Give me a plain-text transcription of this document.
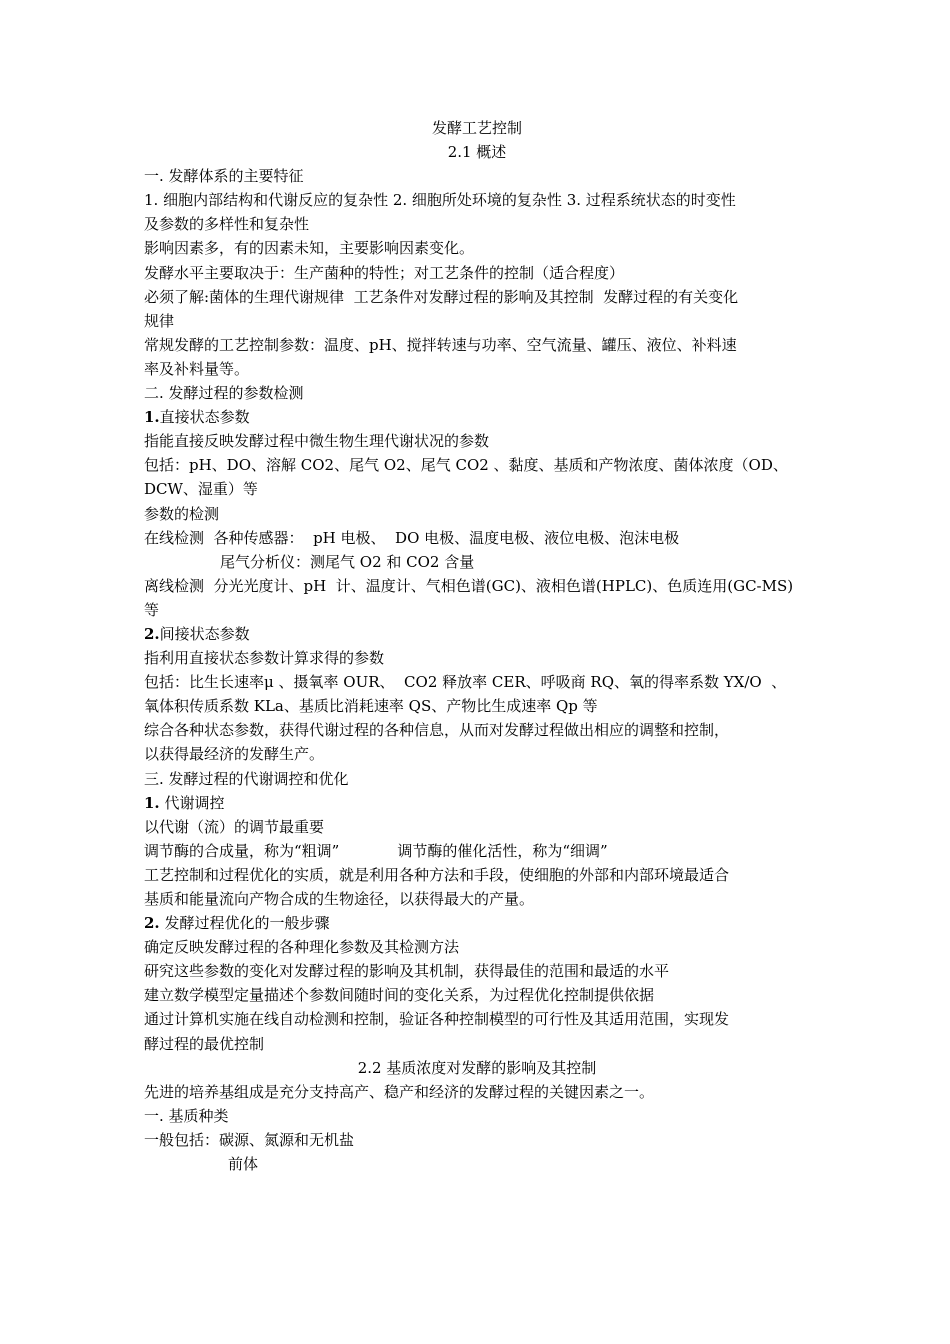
发酵工艺控制
2.1 概述
一. 发酵体系的主要特征
1. 细胞内部结构和代谢反应的复杂性 2. 细胞所处环境的复杂性 3. 过程系统状态的时变性
及参数的多样性和复杂性
影响因素多，有的因素未知，主要影响因素变化。
发酵水平主要取决于：生产菌种的特性；对工艺条件的控制（适合程度）
必须了解:菌体的生理代谢规律  工艺条件对发酵过程的影响及其控制  发酵过程的有关变化
规律
常规发酵的工艺控制参数：温度、pH、搅拌转速与功率、空气流量、罐压、液位、补料速
率及补料量等。
二. 发酵过程的参数检测
1.直接状态参数
指能直接反映发酵过程中微生物生理代谢状况的参数
包括：pH、DO、溶解 CO2、尾气 O2、尾气 CO2 、黏度、基质和产物浓度、菌体浓度（OD、
DCW、湿重）等
参数的检测
在线检测  各种传感器：  pH 电极、  DO 电极、温度电极、液位电极、泡沫电极
尾气分析仪：测尾气 O2 和 CO2 含量
离线检测  分光光度计、pH  计、温度计、气相色谱(GC)、液相色谱(HPLC)、色质连用(GC-MS)
等
2.间接状态参数
指利用直接状态参数计算求得的参数
包括：比生长速率μ 、摄氧率 OUR、  CO2 释放率 CER、呼吸商 RQ、氧的得率系数 YX/O  、
氧体积传质系数 KLa、基质比消耗速率 QS、产物比生成速率 Qp 等
综合各种状态参数，获得代谢过程的各种信息，从而对发酵过程做出相应的调整和控制，
以获得最经济的发酵生产。
三. 发酵过程的代谢调控和优化
1. 代谢调控
以代谢（流）的调节最重要
调节酶的合成量，称为“粗调”	调节酶的催化活性，称为“细调”
工艺控制和过程优化的实质，就是利用各种方法和手段，使细胞的外部和内部环境最适合
基质和能量流向产物合成的生物途径，以获得最大的产量。
2. 发酵过程优化的一般步骤
确定反映发酵过程的各种理化参数及其检测方法
研究这些参数的变化对发酵过程的影响及其机制，获得最佳的范围和最适的水平
建立数学模型定量描述个参数间随时间的变化关系，为过程优化控制提供依据
通过计算机实施在线自动检测和控制，验证各种控制模型的可行性及其适用范围，实现发
酵过程的最优控制
2.2 基质浓度对发酵的影响及其控制
先进的培养基组成是充分支持高产、稳产和经济的发酵过程的关键因素之一。
一. 基质种类
一般包括：碳源、氮源和无机盐
前体
